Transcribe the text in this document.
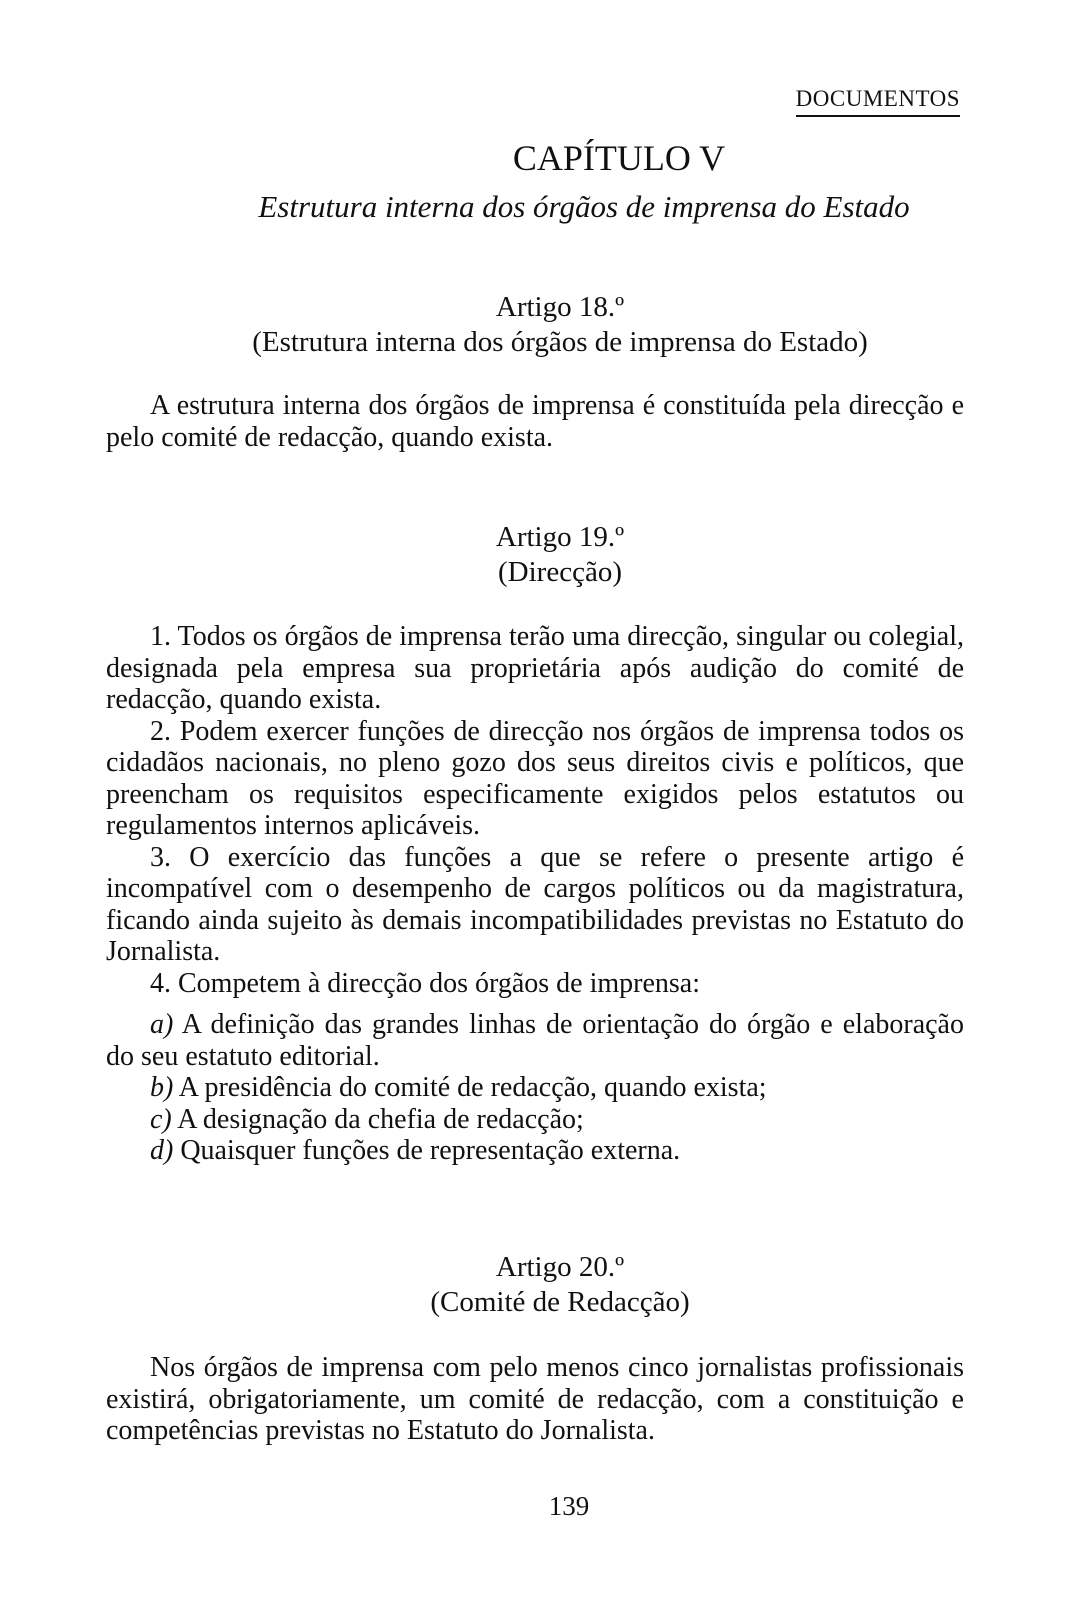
DOCUMENTOS
CAPÍTULO V
Estrutura interna dos órgãos de imprensa do Estado
Artigo 18.º
(Estrutura interna dos órgãos de imprensa do Estado)

A estrutura interna dos órgãos de imprensa é constituída pela direcção e pelo comité de redacção, quando exista.

Artigo 19.º
(Direcção)

1. Todos os órgãos de imprensa terão uma direcção, singular ou colegial, designada pela empresa sua proprietária após audição do comité de redacção, quando exista.

2. Podem exercer funções de direcção nos órgãos de imprensa todos os cidadãos nacionais, no pleno gozo dos seus direitos civis e políticos, que preencham os requisitos especificamente exigidos pelos estatutos ou regulamentos internos aplicáveis.

3. O exercício das funções a que se refere o presente artigo é incompatível com o desempenho de cargos políticos ou da magistratura, ficando ainda sujeito às demais incompatibilidades previstas no Estatuto do Jornalista.

4. Competem à direcção dos órgãos de imprensa:

a) A definição das grandes linhas de orientação do órgão e elaboração do seu estatuto editorial.

b) A presidência do comité de redacção, quando exista;

c) A designação da chefia de redacção;

d) Quaisquer funções de representação externa.

Artigo 20.º
(Comité de Redacção)

Nos órgãos de imprensa com pelo menos cinco jornalistas profissionais existirá, obrigatoriamente, um comité de redacção, com a constituição e competências previstas no Estatuto do Jornalista.

139
